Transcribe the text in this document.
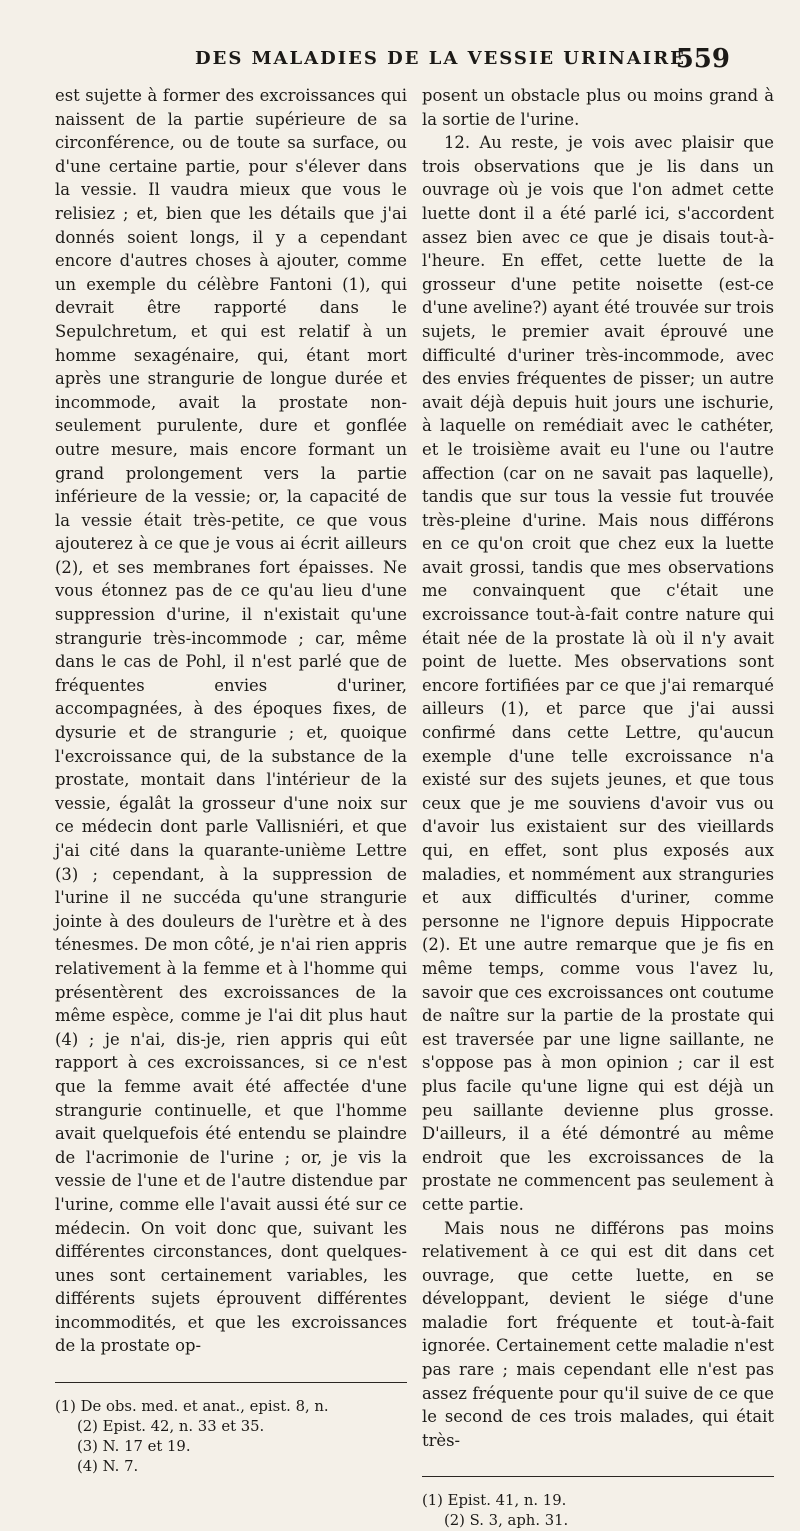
DES MALADIES DE LA VESSIE URINAIRE.
559

est sujette à former des excroissances qui naissent de la partie supérieure de sa circonférence, ou de toute sa surface, ou d'une certaine partie, pour s'élever dans la vessie. Il vaudra mieux que vous le relisiez ; et, bien que les détails que j'ai donnés soient longs, il y a cependant encore d'autres choses à ajouter, comme un exemple du célèbre Fantoni (1), qui devrait être rapporté dans le Sepulchretum, et qui est relatif à un homme sexagénaire, qui, étant mort après une strangurie de longue durée et incommode, avait la prostate non-seulement purulente, dure et gonflée outre mesure, mais encore formant un grand prolongement vers la partie inférieure de la vessie; or, la capacité de la vessie était très-petite, ce que vous ajouterez à ce que je vous ai écrit ailleurs (2), et ses membranes fort épaisses. Ne vous étonnez pas de ce qu'au lieu d'une suppression d'urine, il n'existait qu'une strangurie très-incommode ; car, même dans le cas de Pohl, il n'est parlé que de fréquentes envies d'uriner, accompagnées, à des époques fixes, de dysurie et de strangurie ; et, quoique l'excroissance qui, de la substance de la prostate, montait dans l'intérieur de la vessie, égalât la grosseur d'une noix sur ce médecin dont parle Vallisniéri, et que j'ai cité dans la quarante-unième Lettre (3) ; cependant, à la suppression de l'urine il ne succéda qu'une strangurie jointe à des douleurs de l'urètre et à des ténesmes. De mon côté, je n'ai rien appris relativement à la femme et à l'homme qui présentèrent des excroissances de la même espèce, comme je l'ai dit plus haut (4) ; je n'ai, dis-je, rien appris qui eût rapport à ces excroissances, si ce n'est que la femme avait été affectée d'une strangurie continuelle, et que l'homme avait quelquefois été entendu se plaindre de l'acrimonie de l'urine ; or, je vis la vessie de l'une et de l'autre distendue par l'urine, comme elle l'avait aussi été sur ce médecin. On voit donc que, suivant les différentes circonstances, dont quelques-unes sont certainement variables, les différents sujets éprouvent différentes incommodités, et que les excroissances de la prostate op-

(1) De obs. med. et anat., epist. 8, n.

(2) Epist. 42, n. 33 et 35.

(3) N. 17 et 19.

(4) N. 7.

posent un obstacle plus ou moins grand à la sortie de l'urine.

12. Au reste, je vois avec plaisir que trois observations que je lis dans un ouvrage où je vois que l'on admet cette luette dont il a été parlé ici, s'accordent assez bien avec ce que je disais tout-à-l'heure. En effet, cette luette de la grosseur d'une petite noisette (est-ce d'une aveline?) ayant été trouvée sur trois sujets, le premier avait éprouvé une difficulté d'uriner très-incommode, avec des envies fréquentes de pisser; un autre avait déjà depuis huit jours une ischurie, à laquelle on remédiait avec le cathéter, et le troisième avait eu l'une ou l'autre affection (car on ne savait pas laquelle), tandis que sur tous la vessie fut trouvée très-pleine d'urine. Mais nous différons en ce qu'on croit que chez eux la luette avait grossi, tandis que mes observations me convainquent que c'était une excroissance tout-à-fait contre nature qui était née de la prostate là où il n'y avait point de luette. Mes observations sont encore fortifiées par ce que j'ai remarqué ailleurs (1), et parce que j'ai aussi confirmé dans cette Lettre, qu'aucun exemple d'une telle excroissance n'a existé sur des sujets jeunes, et que tous ceux que je me souviens d'avoir vus ou d'avoir lus existaient sur des vieillards qui, en effet, sont plus exposés aux maladies, et nommément aux stranguries et aux difficultés d'uriner, comme personne ne l'ignore depuis Hippocrate (2). Et une autre remarque que je fis en même temps, comme vous l'avez lu, savoir que ces excroissances ont coutume de naître sur la partie de la prostate qui est traversée par une ligne saillante, ne s'oppose pas à mon opinion ; car il est plus facile qu'une ligne qui est déjà un peu saillante devienne plus grosse. D'ailleurs, il a été démontré au même endroit que les excroissances de la prostate ne commencent pas seulement à cette partie.

Mais nous ne différons pas moins relativement à ce qui est dit dans cet ouvrage, que cette luette, en se développant, devient le siége d'une maladie fort fréquente et tout-à-fait ignorée. Certainement cette maladie n'est pas rare ; mais cependant elle n'est pas assez fréquente pour qu'il suive de ce que le second de ces trois malades, qui était très-

(1) Epist. 41, n. 19.

(2) S. 3, aph. 31.
